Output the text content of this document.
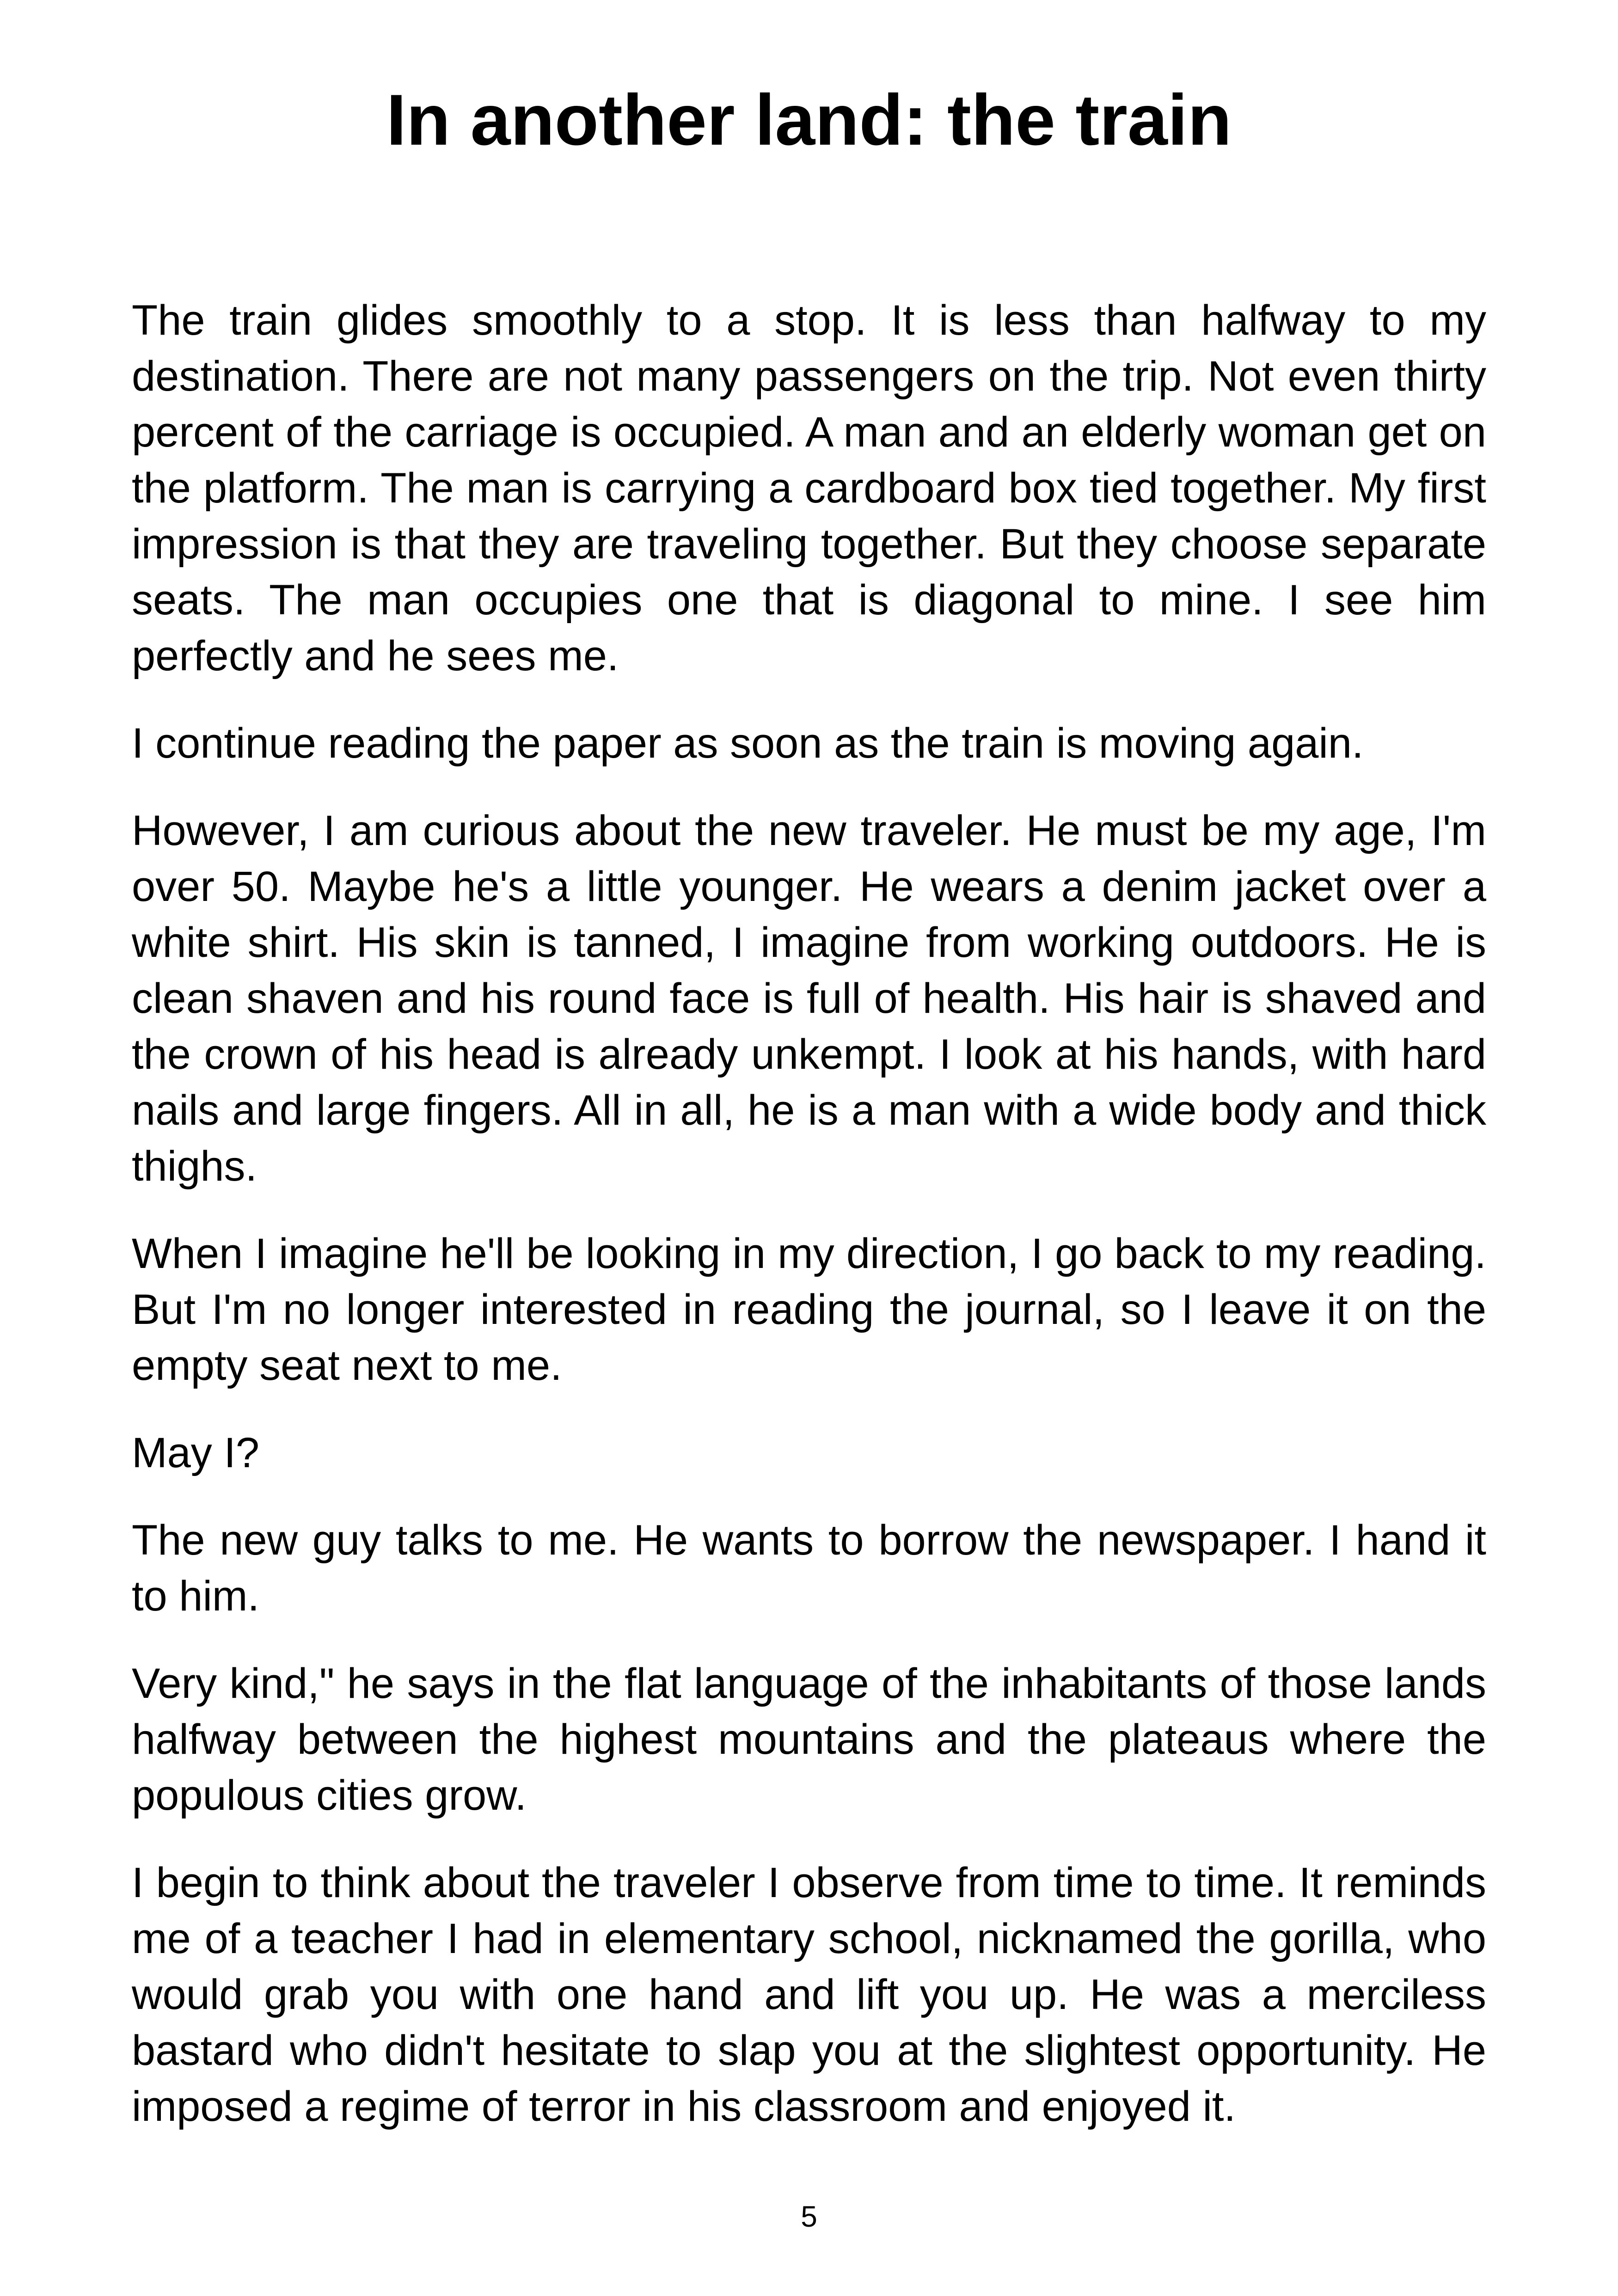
In another land: the train

The train glides smoothly to a stop. It is less than halfway to my destination. There are not many passengers on the trip. Not even thirty percent of the carriage is occupied. A man and an elderly woman get on the platform. The man is carrying a cardboard box tied together. My first impression is that they are traveling together. But they choose separate seats. The man occupies one that is diagonal to mine. I see him perfectly and he sees me.

I continue reading the paper as soon as the train is moving again.

However, I am curious about the new traveler. He must be my age, I'm over 50. Maybe he's a little younger. He wears a denim jacket over a white shirt. His skin is tanned, I imagine from working outdoors. He is clean shaven and his round face is full of health. His hair is shaved and the crown of his head is already unkempt. I look at his hands, with hard nails and large fingers. All in all, he is a man with a wide body and thick thighs.

When I imagine he'll be looking in my direction, I go back to my reading. But I'm no longer interested in reading the journal, so I leave it on the empty seat next to me.

May I?

The new guy talks to me. He wants to borrow the newspaper. I hand it to him.

Very kind," he says in the flat language of the inhabitants of those lands halfway between the highest mountains and the plateaus where the populous cities grow.

I begin to think about the traveler I observe from time to time. It reminds me of a teacher I had in elementary school, nicknamed the gorilla, who would grab you with one hand and lift you up. He was a merciless bastard who didn't hesitate to slap you at the slightest opportunity. He imposed a regime of terror in his classroom and enjoyed it.

5
